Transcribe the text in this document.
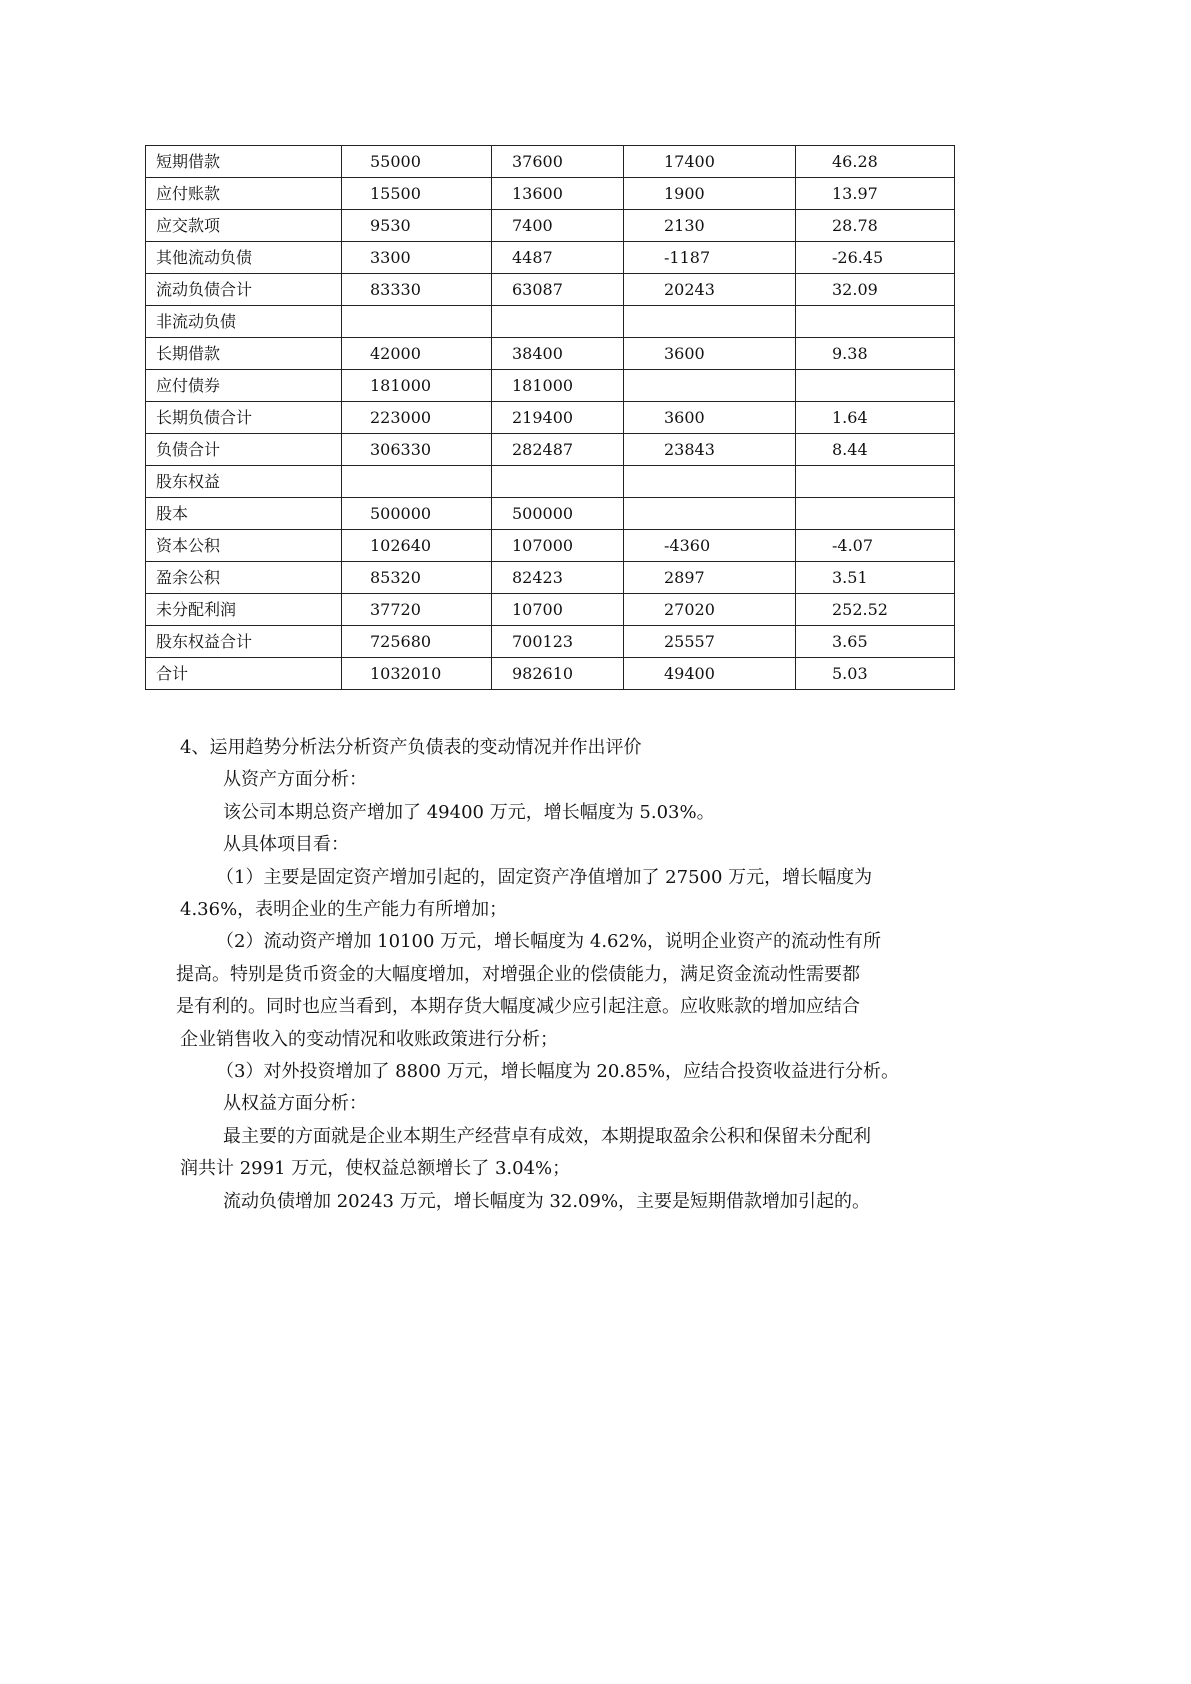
短期借款	55000	37600	17400	46.28
应付账款	15500	13600	1900	13.97
应交款项	9530	7400	2130	28.78
其他流动负债	3300	4487	-1187	-26.45
流动负债合计	83330	63087	20243	32.09
非流动负债				
长期借款	42000	38400	3600	9.38
应付债券	181000	181000		
长期负债合计	223000	219400	3600	1.64
负债合计	306330	282487	23843	8.44
股东权益				
股本	500000	500000		
资本公积	102640	107000	-4360	-4.07
盈余公积	85320	82423	2897	3.51
未分配利润	37720	10700	27020	252.52
股东权益合计	725680	700123	25557	3.65
合计	1032010	982610	49400	5.03

4、运用趋势分析法分析资产负债表的变动情况并作出评价

从资产方面分析：

该公司本期总资产增加了 49400 万元，增长幅度为 5.03%。

从具体项目看：

（1）主要是固定资产增加引起的，固定资产净值增加了 27500 万元，增长幅度为

4.36%，表明企业的生产能力有所增加；

（2）流动资产增加 10100 万元，增长幅度为 4.62%，说明企业资产的流动性有所

提高。特别是货币资金的大幅度增加，对增强企业的偿债能力，满足资金流动性需要都

是有利的。同时也应当看到，本期存货大幅度减少应引起注意。应收账款的增加应结合

企业销售收入的变动情况和收账政策进行分析；

（3）对外投资增加了 8800 万元，增长幅度为 20.85%，应结合投资收益进行分析。

从权益方面分析：

最主要的方面就是企业本期生产经营卓有成效，本期提取盈余公积和保留未分配利

润共计 2991 万元，使权益总额增长了 3.04%；

流动负债增加 20243 万元，增长幅度为 32.09%，主要是短期借款增加引起的。
